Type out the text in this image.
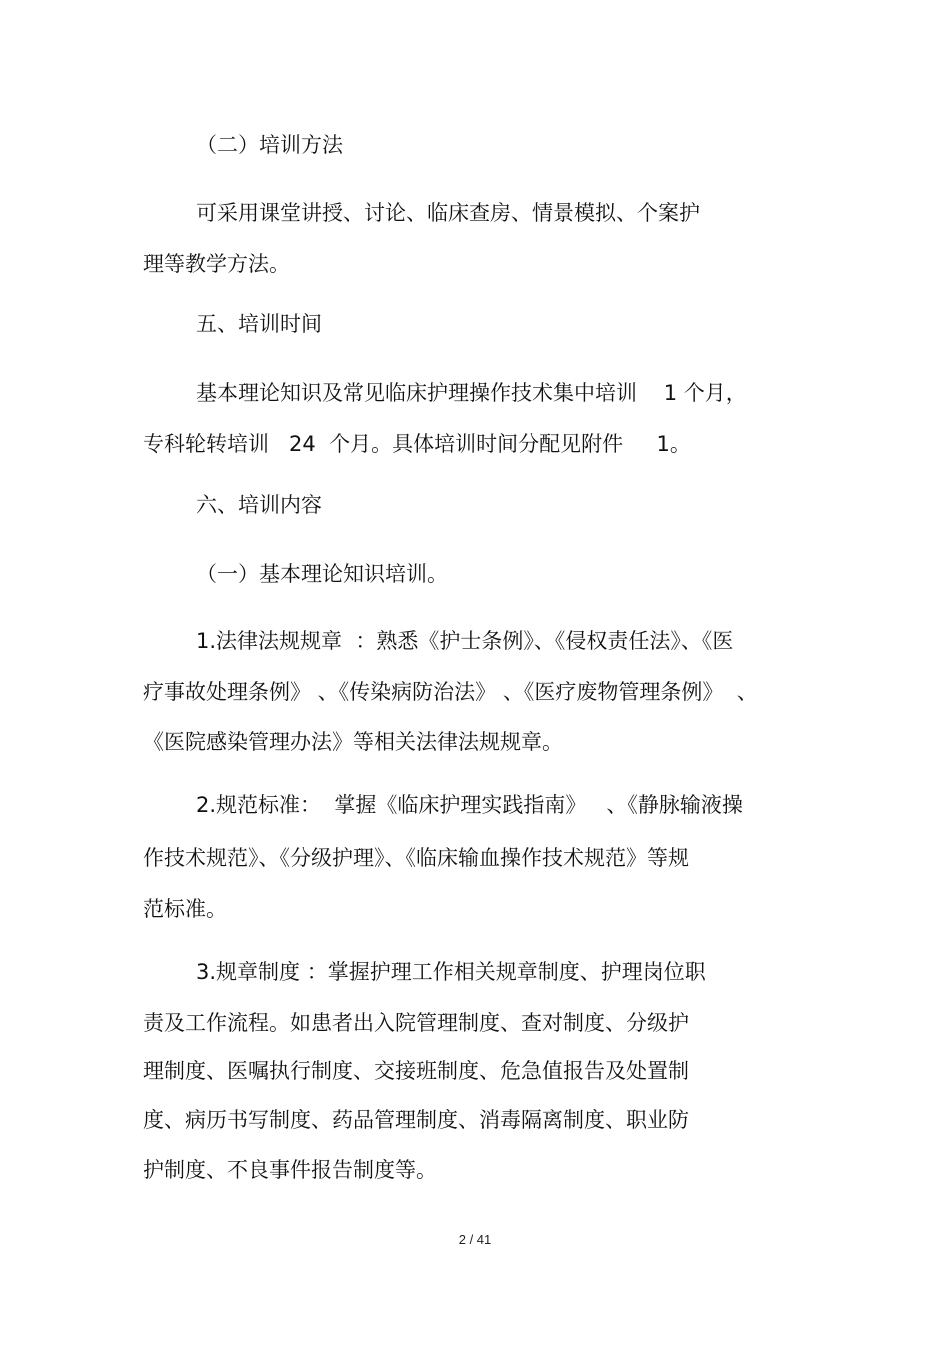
（二）培训方法

可采用课堂讲授、讨论、临床查房、情景模拟、个案护

理等教学方法。

五、培训时间

基本理论知识及常见临床护理操作技术集中培训    1 个月，

专科轮转培训   24  个月。具体培训时间分配见附件     1。

六、培训内容

（一）基本理论知识培训。

1.法律法规规章  ：熟悉《护士条例》、《侵权责任法》、《医

疗事故处理条例》 、《传染病防治法》 、《医疗废物管理条例》  、

《医院感染管理办法》等相关法律法规规章。

2.规范标准：  掌握《临床护理实践指南》   、《静脉输液操

作技术规范》、《分级护理》、《临床输血操作技术规范》等规

范标准。

3.规章制度 ：掌握护理工作相关规章制度、护理岗位职

责及工作流程。如患者出入院管理制度、查对制度、分级护

理制度、医嘱执行制度、交接班制度、危急值报告及处置制

度、病历书写制度、药品管理制度、消毒隔离制度、职业防

护制度、不良事件报告制度等。

2 / 41
